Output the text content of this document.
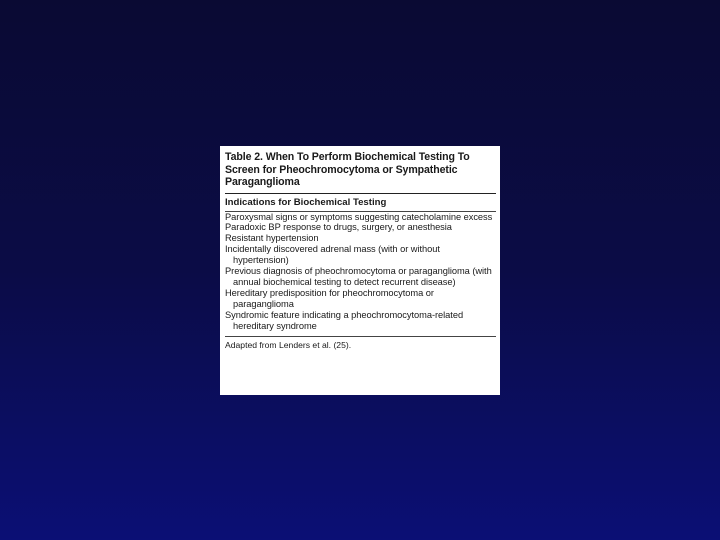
Table 2. When To Perform Biochemical Testing To Screen for Pheochromocytoma or Sympathetic Paraganglioma

Indications for Biochemical Testing

Paroxysmal signs or symptoms suggesting catecholamine excess
Paradoxic BP response to drugs, surgery, or anesthesia
Resistant hypertension
Incidentally discovered adrenal mass (with or without hypertension)
Previous diagnosis of pheochromocytoma or paraganglioma (with annual biochemical testing to detect recurrent disease)
Hereditary predisposition for pheochromocytoma or paraganglioma
Syndromic feature indicating a pheochromocytoma-related hereditary syndrome

Adapted from Lenders et al. (25).
